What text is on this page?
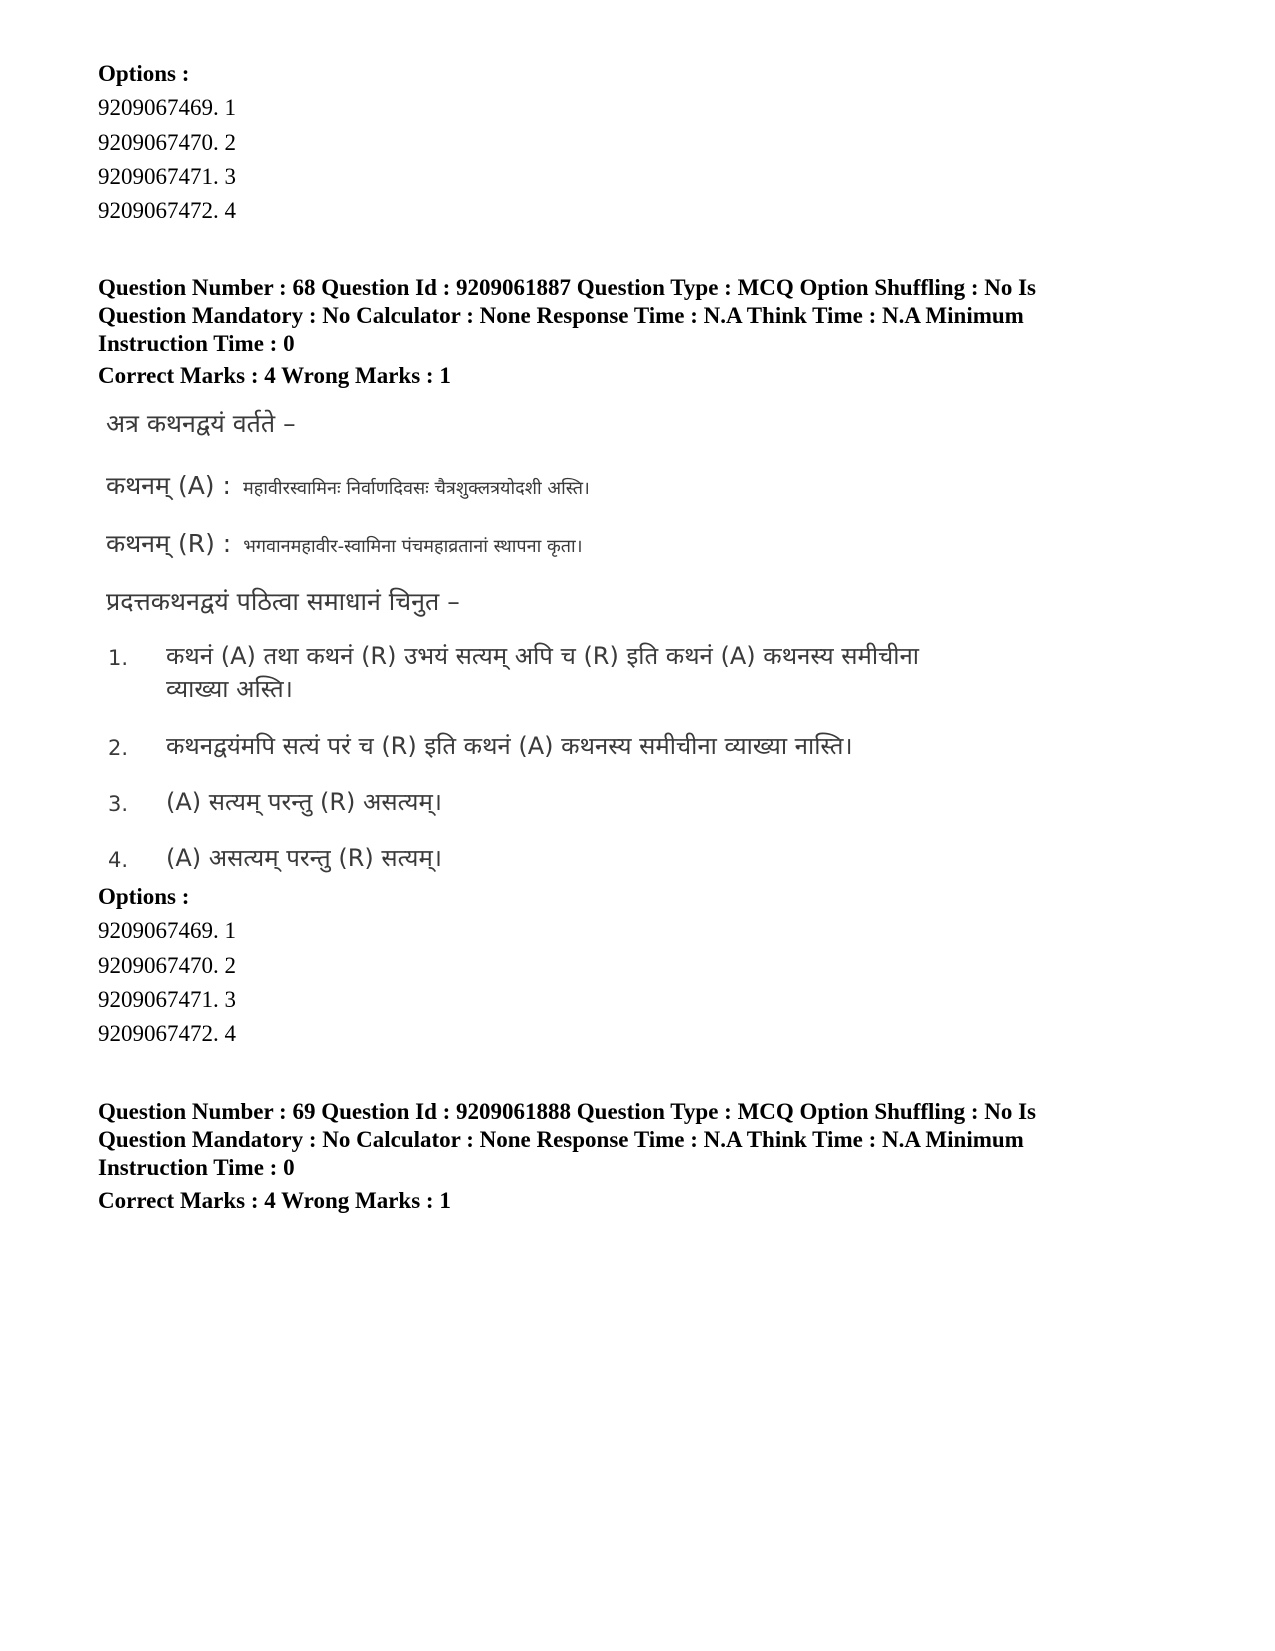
Options :
9209067469. 1
9209067470. 2
9209067471. 3
9209067472. 4
Question Number : 68 Question Id : 9209061887 Question Type : MCQ Option Shuffling : No Is Question Mandatory : No Calculator : None Response Time : N.A Think Time : N.A Minimum Instruction Time : 0
Correct Marks : 4 Wrong Marks : 1
अत्र कथनद्वयं वर्तते –
कथनम् (A) : महावीरस्वामिनः निर्वाणदिवसः चैत्रशुक्लत्रयोदशी अस्ति।
कथनम् (R) : भगवानमहावीर-स्वामिना पंचमहाव्रतानां स्थापना कृता।
प्रदत्तकथनद्वयं पठित्वा समाधानं चिनुत –
1.	कथनं (A) तथा कथनं (R) उभयं सत्यम् अपि च (R) इति कथनं (A) कथनस्य समीचीना व्याख्या अस्ति।
2.	कथनद्वयंमपि सत्यं परं च (R) इति कथनं (A) कथनस्य समीचीना व्याख्या नास्ति।
3.	(A) सत्यम् परन्तु (R) असत्यम्।
4.	(A) असत्यम् परन्तु (R) सत्यम्।
Options :
9209067469. 1
9209067470. 2
9209067471. 3
9209067472. 4
Question Number : 69 Question Id : 9209061888 Question Type : MCQ Option Shuffling : No Is Question Mandatory : No Calculator : None Response Time : N.A Think Time : N.A Minimum Instruction Time : 0
Correct Marks : 4 Wrong Marks : 1
